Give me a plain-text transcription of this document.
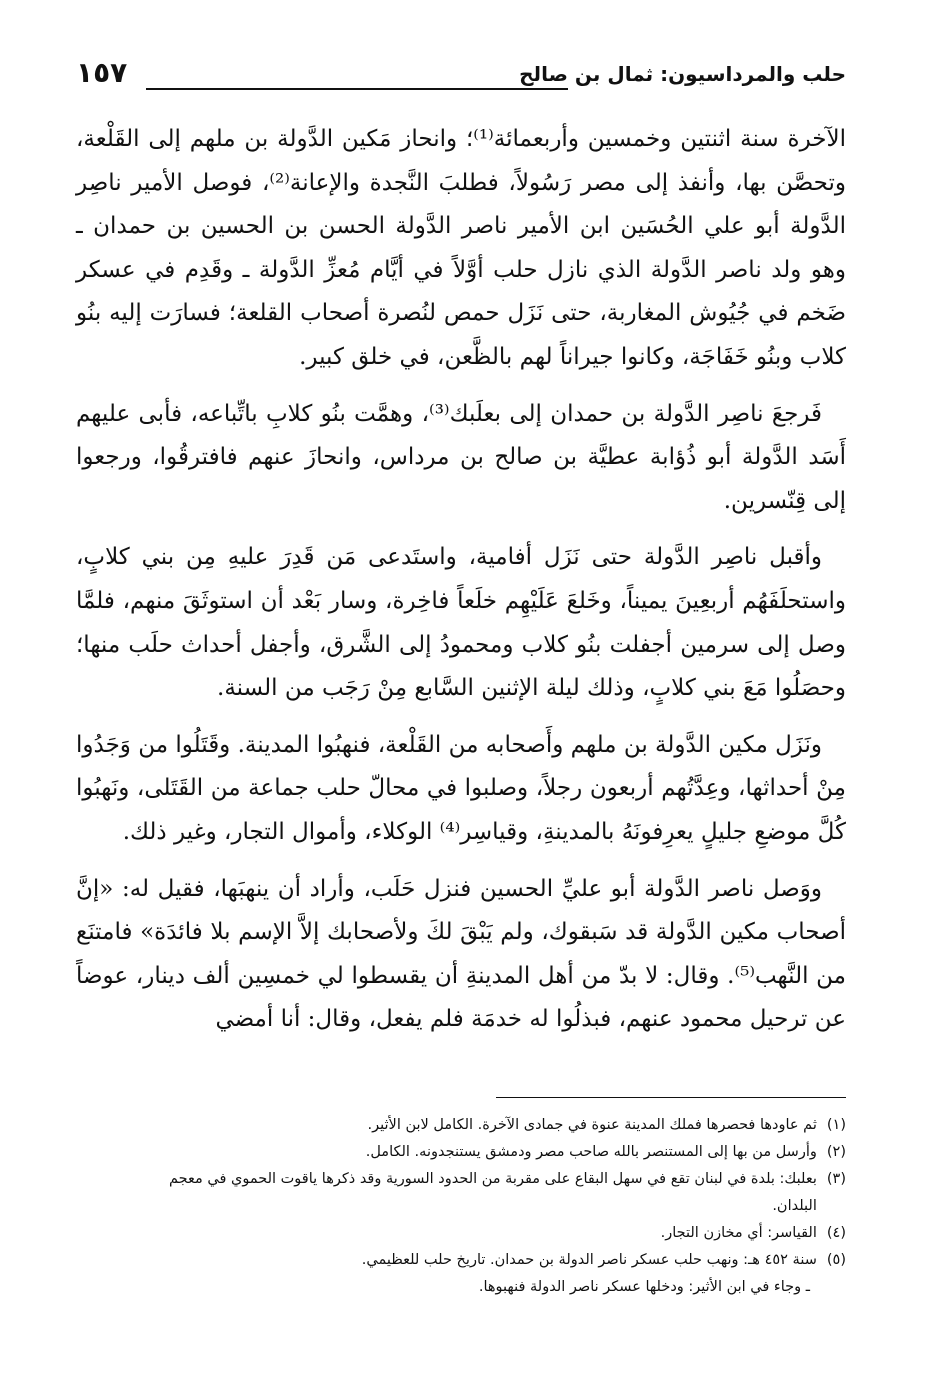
حلب والمرداسيون: ثمال بن صالح
١٥٧

الآخرة سنة اثنتين وخمسين وأربعمائة⁽¹⁾؛ وانحاز مَكين الدَّولة بن ملهم إلى القَلْعة، وتحصَّن بها، وأنفذ إلى مصر رَسُولاً، فطلبَ النَّجدة والإعانة⁽²⁾، فوصل الأمير ناصِر الدَّولة أبو علي الحُسَين ابن الأمير ناصر الدَّولة الحسن بن الحسين بن حمدان ـ وهو ولد ناصر الدَّولة الذي نازل حلب أوَّلاً في أيَّام مُعزِّ الدَّولة ـ وقَدِم في عسكر ضَخم في جُيُوش المغاربة، حتى نَزَل حمص لنُصرة أصحاب القلعة؛ فسارَت إليه بنُو كلاب وبنُو خَفَاجَة، وكانوا جيراناً لهم بالظَّعن، في خلق كبير.

فَرجعَ ناصِر الدَّولة بن حمدان إلى بعلَبك⁽³⁾، وهمَّت بنُو كلابِ باتِّباعه، فأبى عليهم أَسَد الدَّولة أبو ذُؤابة عطيَّة بن صالح بن مرداس، وانحازَ عنهم فافترقُوا، ورجعوا إلى قِنّسرين.

وأقبل ناصِر الدَّولة حتى نَزَل أفامية، واستَدعى مَن قَدِرَ عليهِ مِن بني كلابٍ، واستحلَفَهُم أربعِينَ يميناً، وخَلعَ عَلَيْهِم خلَعاً فاخِرة، وسار بَعْد أن استوثَقَ منهم، فلمَّا وصل إلى سرمين أجفلت بنُو كلاب ومحمودُ إلى الشَّرق، وأجفل أحداث حلَب منها؛ وحصَلُوا مَعَ بني كلابٍ، وذلك ليلة الإثنين السَّابع مِنْ رَجَب من السنة.

ونَزَل مكين الدَّولة بن ملهم وأَصحابه من القَلْعة، فنهبُوا المدينة. وقَتَلُوا من وَجَدُوا مِنْ أحداثها، وعِدَّتُهم أربعون رجلاً، وصلبوا في محالّ حلب جماعة من القَتَلى، ونَهبُوا كُلَّ موضعِ جليلٍ يعرِفونَهُ بالمدينةِ، وقياسِر⁽⁴⁾ الوكلاء، وأموال التجار، وغير ذلك.

ووَصل ناصر الدَّولة أبو عليِّ الحسين فنزل حَلَب، وأراد أن ينهبَها، فقيل له: «إنَّ أصحاب مكين الدَّولة قد سَبقوك، ولم يَبْقَ لكَ ولأصحابك إلاَّ الإسم بلا فائدَة» فامتنَع من النَّهب⁽⁵⁾. وقال: لا بدّ من أهل المدينةِ أن يقسطوا لي خمسِين ألف دينار، عوضاً عن ترحيل محمود عنهم، فبذلُوا له خدمَة فلم يفعل، وقال: أنا أمضي

(١)
ثم عاودها فحصرها فملك المدينة عنوة في جمادى الآخرة. الكامل لابن الأثير.
(٢)
وأرسل من بها إلى المستنصر بالله صاحب مصر ودمشق يستنجدونه. الكامل.
(٣)
بعلبك: بلدة في لبنان تقع في سهل البقاع على مقربة من الحدود السورية وقد ذكرها ياقوت الحموي في معجم البلدان.
(٤)
القياسر: أي مخازن التجار.
(٥)
سنة ٤٥٢ هـ: ونهب حلب عسكر ناصر الدولة بن حمدان. تاريخ حلب للعظيمي.
ـ وجاء في ابن الأثير: ودخلها عسكر ناصر الدولة فنهبوها.
